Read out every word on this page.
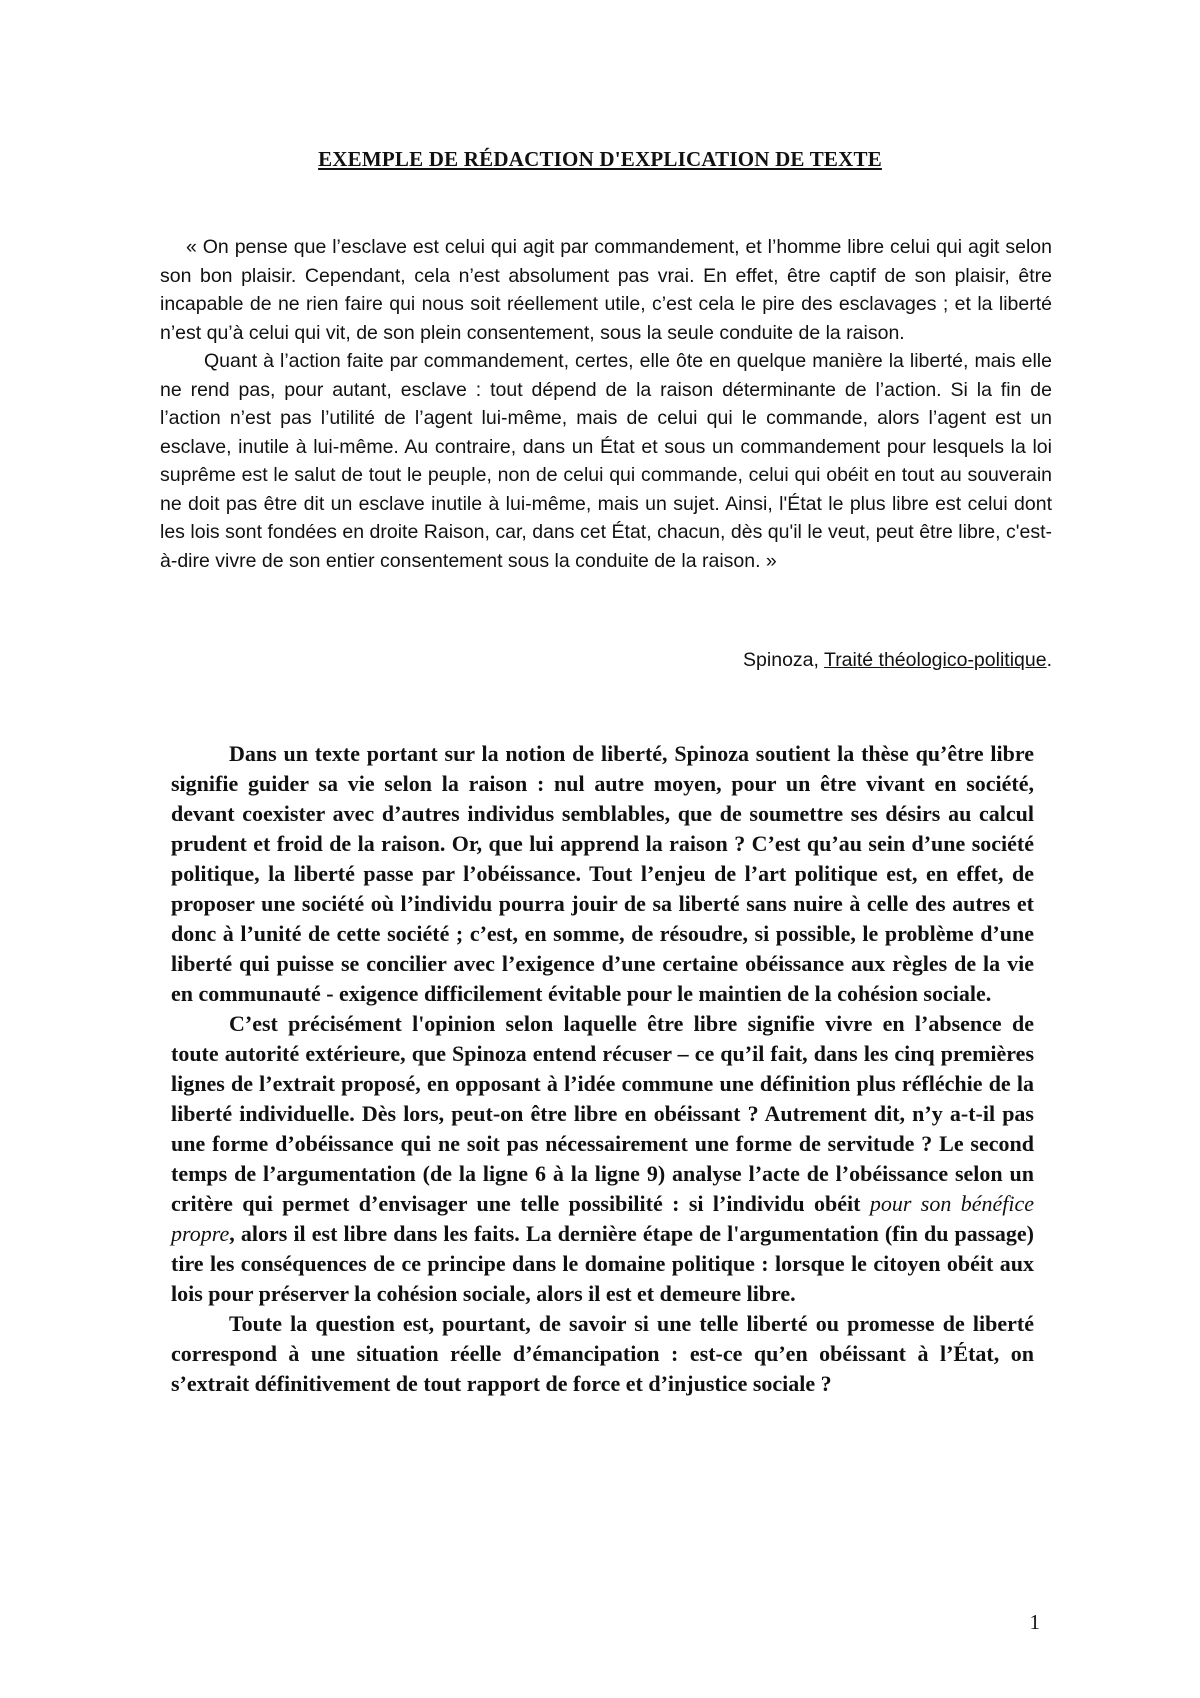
EXEMPLE DE RÉDACTION D'EXPLICATION DE TEXTE

« On pense que l’esclave est celui qui agit par commandement, et l’homme libre celui qui agit selon son bon plaisir. Cependant, cela n’est absolument pas vrai. En effet, être captif de son plaisir, être incapable de ne rien faire qui nous soit réellement utile, c’est cela le pire des esclavages ; et la liberté n’est qu’à celui qui vit, de son plein consentement, sous la seule conduite de la raison.

Quant à l’action faite par commandement, certes, elle ôte en quelque manière la liberté, mais elle ne rend pas, pour autant, esclave : tout dépend de la raison déterminante de l’action. Si la fin de l’action n’est pas l’utilité de l’agent lui-même, mais de celui qui le commande, alors l’agent est un esclave, inutile à lui-même. Au contraire, dans un État et sous un commandement pour lesquels la loi suprême est le salut de tout le peuple, non de celui qui commande, celui qui obéit en tout au souverain ne doit pas être dit un esclave inutile à lui-même, mais un sujet. Ainsi, l'État le plus libre est celui dont les lois sont fondées en droite Raison, car, dans cet État, chacun, dès qu'il le veut, peut être libre, c'est-à-dire vivre de son entier consentement sous la conduite de la raison. »

Spinoza, Traité théologico-politique.

Dans un texte portant sur la notion de liberté, Spinoza soutient la thèse qu’être libre signifie guider sa vie selon la raison : nul autre moyen, pour un être vivant en société, devant coexister avec d’autres individus semblables, que de soumettre ses désirs au calcul prudent et froid de la raison. Or, que lui apprend la raison ? C’est qu’au sein d’une société politique, la liberté passe par l’obéissance. Tout l’enjeu de l’art politique est, en effet, de proposer une société où l’individu pourra jouir de sa liberté sans nuire à celle des autres et donc à l’unité de cette société ; c’est, en somme, de résoudre, si possible, le problème d’une liberté qui puisse se concilier avec l’exigence d’une certaine obéissance aux règles de la vie en communauté - exigence difficilement évitable pour le maintien de la cohésion sociale.

C’est précisément l'opinion selon laquelle être libre signifie vivre en l’absence de toute autorité extérieure, que Spinoza entend récuser – ce qu’il fait, dans les cinq premières lignes de l’extrait proposé, en opposant à l’idée commune une définition plus réfléchie de la liberté individuelle. Dès lors, peut-on être libre en obéissant ? Autrement dit, n’y a-t-il pas une forme d’obéissance qui ne soit pas nécessairement une forme de servitude ? Le second temps de l’argumentation (de la ligne 6 à la ligne 9) analyse l’acte de l’obéissance selon un critère qui permet d’envisager une telle possibilité : si l’individu obéit pour son bénéfice propre, alors il est libre dans les faits. La dernière étape de l'argumentation (fin du passage) tire les conséquences de ce principe dans le domaine politique : lorsque le citoyen obéit aux lois pour préserver la cohésion sociale, alors il est et demeure libre.

Toute la question est, pourtant, de savoir si une telle liberté ou promesse de liberté correspond à une situation réelle d’émancipation : est-ce qu’en obéissant à l’État, on s’extrait définitivement de tout rapport de force et d’injustice sociale ?

1
